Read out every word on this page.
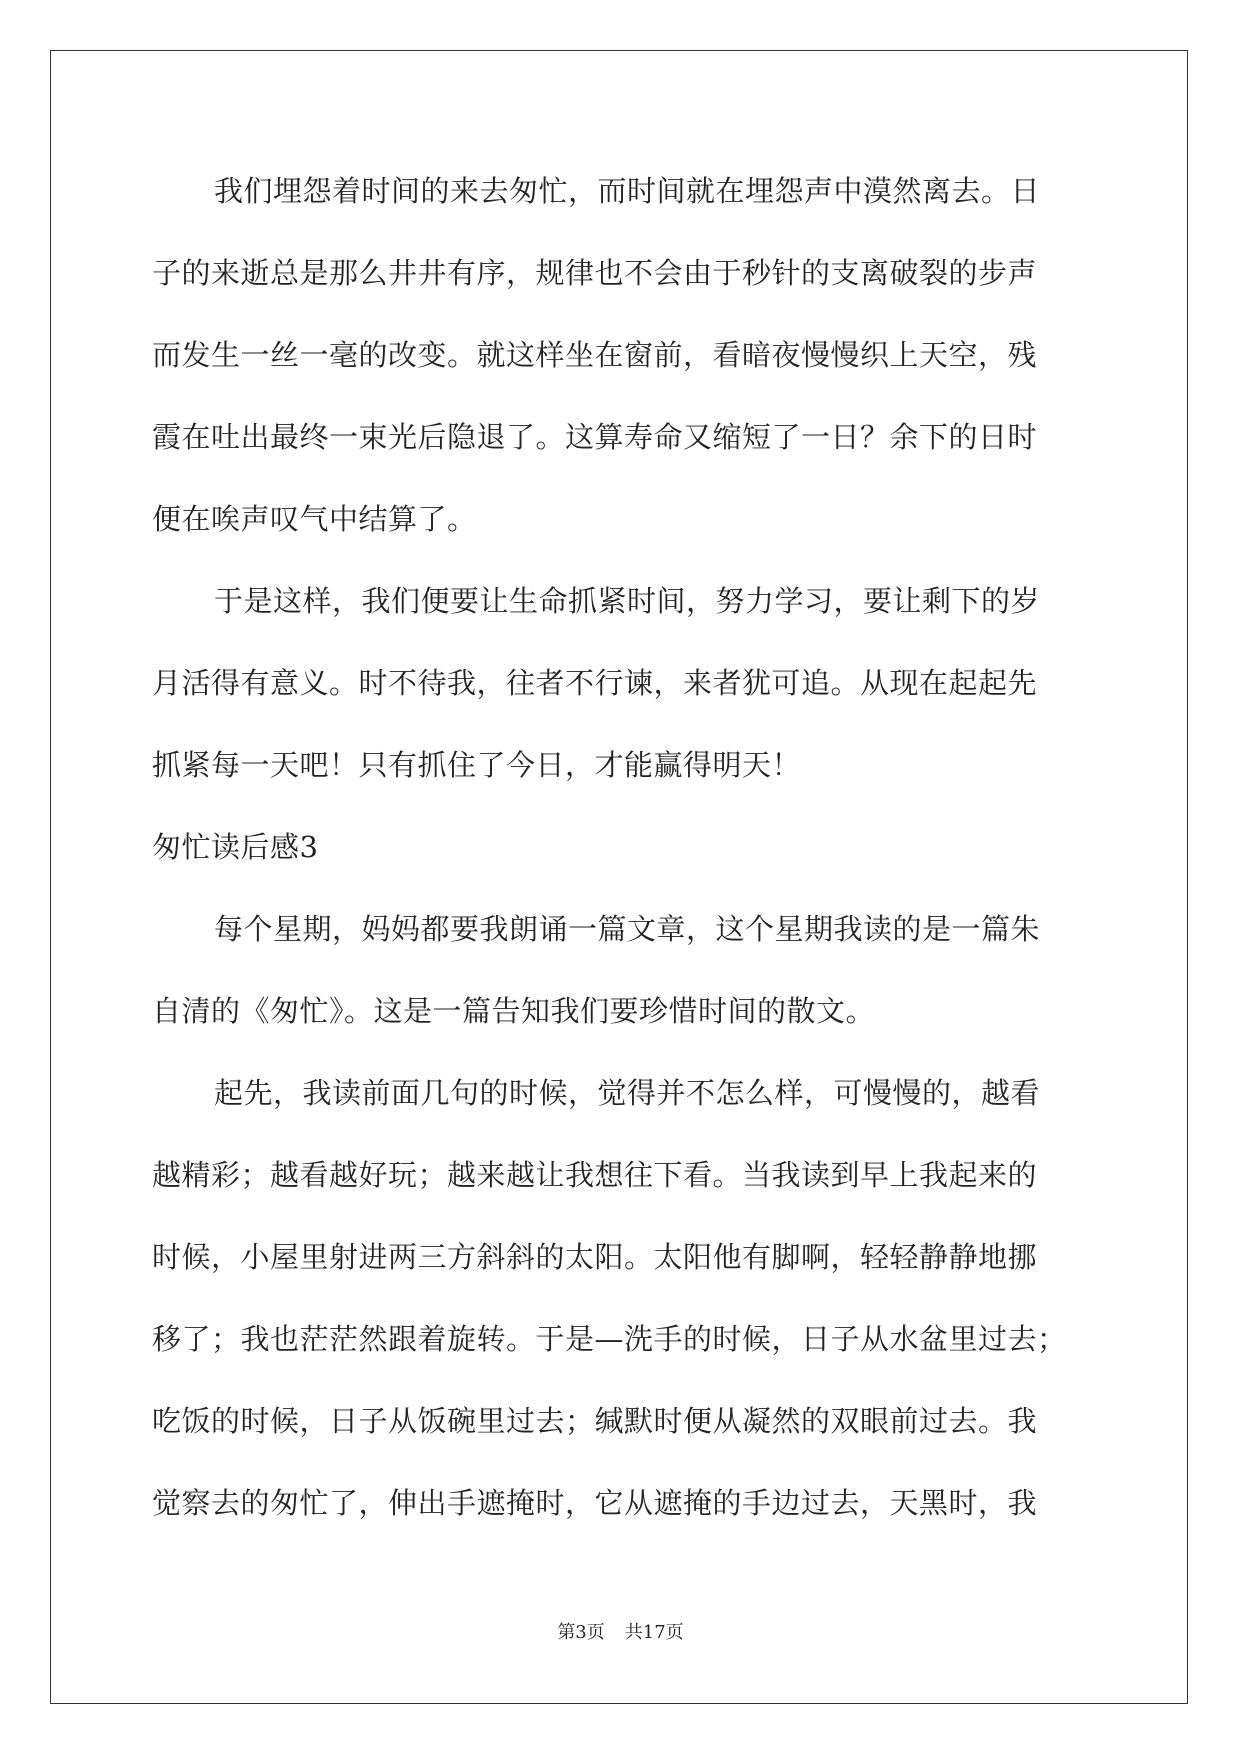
我们埋怨着时间的来去匆忙，而时间就在埋怨声中漠然离去。日
子的来逝总是那么井井有序，规律也不会由于秒针的支离破裂的步声
而发生一丝一毫的改变。就这样坐在窗前，看暗夜慢慢织上天空，残
霞在吐出最终一束光后隐退了。这算寿命又缩短了一日？余下的日时
便在唉声叹气中结算了。
于是这样，我们便要让生命抓紧时间，努力学习，要让剩下的岁
月活得有意义。时不待我，往者不行谏，来者犹可追。从现在起起先
抓紧每一天吧！只有抓住了今日，才能赢得明天！
匆忙读后感3
每个星期，妈妈都要我朗诵一篇文章，这个星期我读的是一篇朱
自清的《匆忙》。这是一篇告知我们要珍惜时间的散文。
起先，我读前面几句的时候，觉得并不怎么样，可慢慢的，越看
越精彩；越看越好玩；越来越让我想往下看。当我读到早上我起来的
时候，小屋里射进两三方斜斜的太阳。太阳他有脚啊，轻轻静静地挪
移了；我也茫茫然跟着旋转。于是—洗手的时候，日子从水盆里过去；
吃饭的时候，日子从饭碗里过去；缄默时便从凝然的双眼前过去。我
觉察去的匆忙了，伸出手遮掩时，它从遮掩的手边过去，天黑时，我
第3页 共17页
